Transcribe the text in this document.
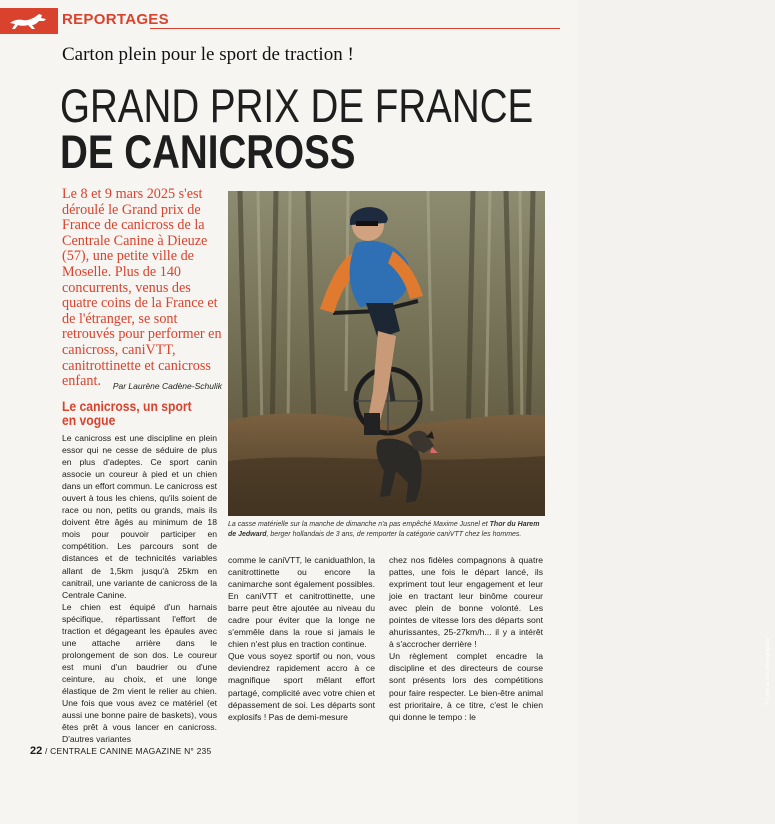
REPORTAGES
Carton plein pour le sport de traction !

GRAND PRIX DE FRANCE
DE CANICROSS
Le 8 et 9 mars 2025 s'est déroulé le Grand prix de France de canicross de la Centrale Canine à Dieuze (57), une petite ville de Moselle. Plus de 140 concurrents, venus des quatre coins de la France et de l'étranger, se sont retrouvés pour performer en canicross, caniVTT, canitrottinette et canicross enfant.	Par Laurène Cadène-Schulik
Le canicross, un sport en vogue

Le canicross est une discipline en plein essor qui ne cesse de séduire de plus en plus d'adeptes. Ce sport canin associe un coureur à pied et un chien dans un effort commun. Le canicross est ouvert à tous les chiens, qu'ils soient de race ou non, petits ou grands, mais ils doivent être âgés au minimum de 18 mois pour pouvoir participer en compétition. Les parcours sont de distances et de technicités variables allant de 1,5km jusqu'à 25km en canitrail, une variante de canicross de la Centrale Canine.

Le chien est équipé d'un harnais spécifique, répartissant l'effort de traction et dégageant les épaules avec une attache arrière dans le prolongement de son dos. Le coureur est muni d'un baudrier ou d'une ceinture, au choix, et une longe élastique de 2m vient le relier au chien. Une fois que vous avez ce matériel (et aussi une bonne paire de baskets), vous êtes prêt à vous lancer en canicross. D'autres variantes

© Look at me photographie
La casse matérielle sur la manche de dimanche n'a pas empêché Maxime Jusnel et Thor du Harem de Jedward, berger hollandais de 3 ans, de remporter la catégorie caniVTT chez les hommes.

comme le caniVTT, le caniduathlon, la canitrottinette ou encore la canimarche sont également possibles. En caniVTT et canitrottinette, une barre peut être ajoutée au niveau du cadre pour éviter que la longe ne s'emmêle dans la roue si jamais le chien n'est plus en traction continue.

Que vous soyez sportif ou non, vous deviendrez rapidement accro à ce magnifique sport mêlant effort partagé, complicité avec votre chien et dépassement de soi. Les départs sont explosifs ! Pas de demi-mesure

chez nos fidèles compagnons à quatre pattes, une fois le départ lancé, ils expriment tout leur engagement et leur joie en tractant leur binôme coureur avec plein de bonne volonté. Les pointes de vitesse lors des départs sont ahurissantes, 25-27km/h... il y a intérêt à s'accrocher derrière !

Un règlement complet encadre la discipline et des directeurs de course sont présents lors des compétitions pour faire respecter. Le bien-être animal est prioritaire, à ce titre, c'est le chien qui donne le tempo : le

22 / CENTRALE CANINE MAGAZINE N° 235
